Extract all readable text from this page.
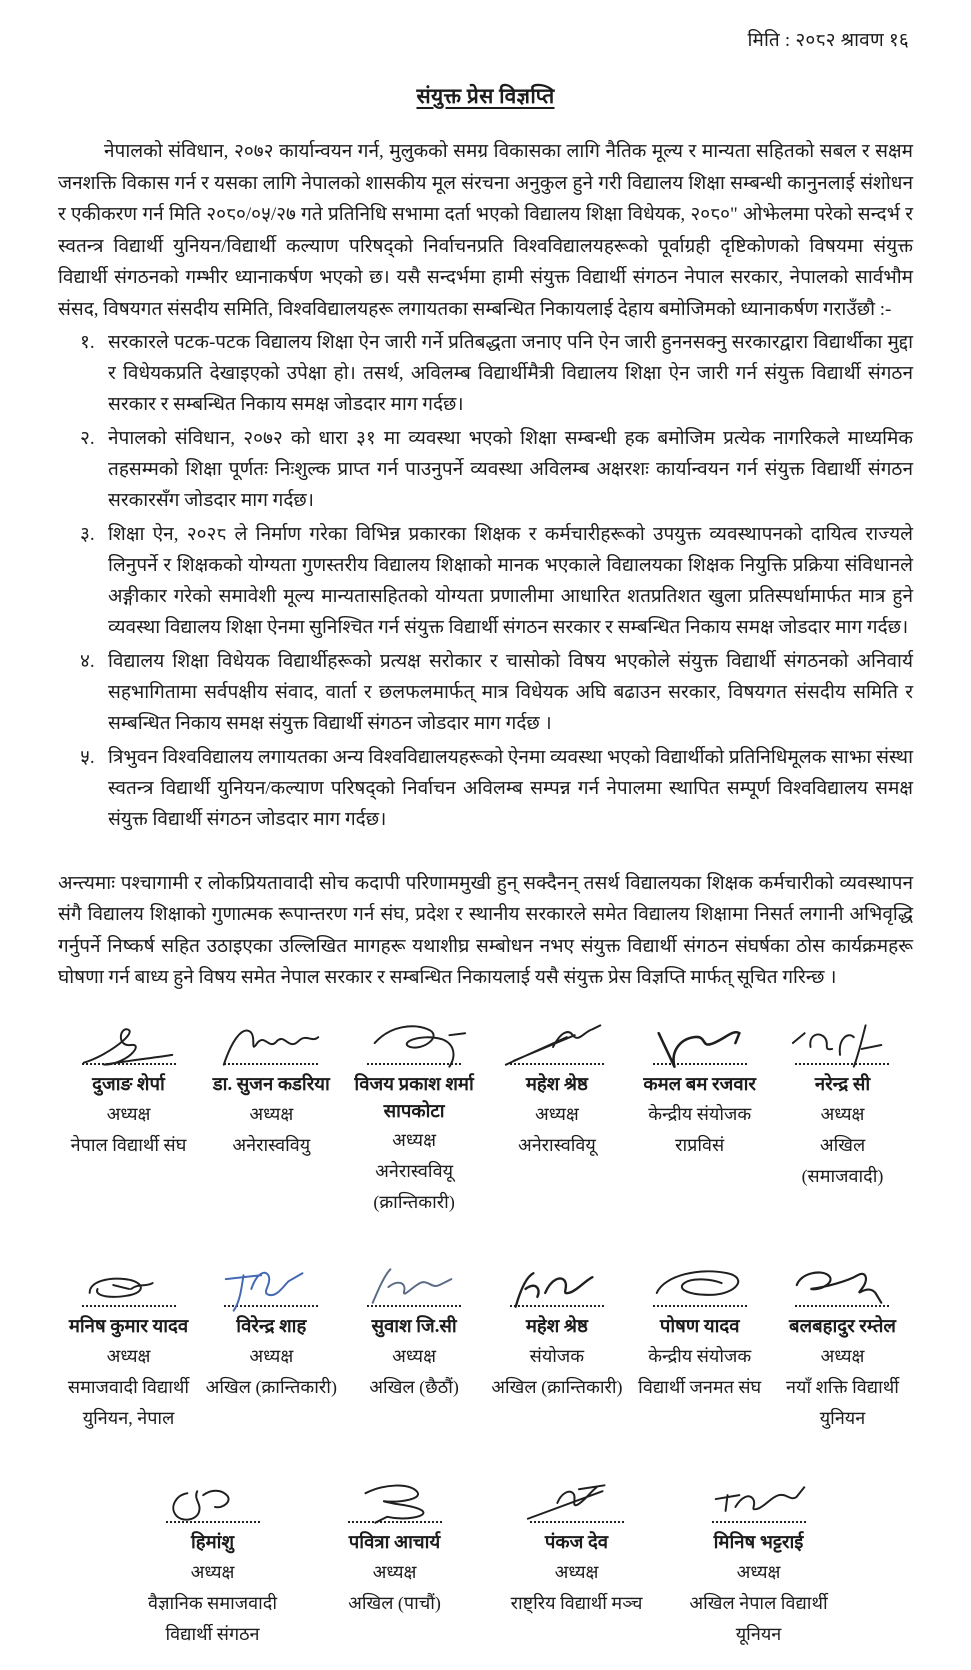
मिति : २०८२ श्रावण १६
संयुक्त प्रेस विज्ञप्ति

नेपालको संविधान, २०७२ कार्यान्वयन गर्न, मुलुकको समग्र विकासका लागि नैतिक मूल्य र मान्यता सहितको सबल र सक्षम जनशक्ति विकास गर्न र यसका लागि नेपालको शासकीय मूल संरचना अनुकुल हुने गरी विद्यालय शिक्षा सम्बन्धी कानुनलाई संशोधन र एकीकरण गर्न मिति २०८०/०५/२७ गते प्रतिनिधि सभामा दर्ता भएको विद्यालय शिक्षा विधेयक, २०८०" ओझेलमा परेको सन्दर्भ र स्वतन्त्र विद्यार्थी युनियन/विद्यार्थी कल्याण परिषद्को निर्वाचनप्रति विश्वविद्यालयहरूको पूर्वाग्रही दृष्टिकोणको विषयमा संयुक्त विद्यार्थी संगठनको गम्भीर ध्यानाकर्षण भएको छ। यसै सन्दर्भमा हामी संयुक्त विद्यार्थी संगठन नेपाल सरकार, नेपालको सार्वभौम संसद, विषयगत संसदीय समिति, विश्वविद्यालयहरू लगायतका सम्बन्धित निकायलाई देहाय बमोजिमको ध्यानाकर्षण गराउँछौ :-

१. सरकारले पटक-पटक विद्यालय शिक्षा ऐन जारी गर्ने प्रतिबद्धता जनाए पनि ऐन जारी हुननसक्नु सरकारद्वारा विद्यार्थीका मुद्दा र विधेयकप्रति देखाइएको उपेक्षा हो। तसर्थ, अविलम्ब विद्यार्थीमैत्री विद्यालय शिक्षा ऐन जारी गर्न संयुक्त विद्यार्थी संगठन सरकार र सम्बन्धित निकाय समक्ष जोडदार माग गर्दछ।
२. नेपालको संविधान, २०७२ को धारा ३१ मा व्यवस्था भएको शिक्षा सम्बन्धी हक बमोजिम प्रत्येक नागरिकले माध्यमिक तहसम्मको शिक्षा पूर्णतः निःशुल्क प्राप्त गर्न पाउनुपर्ने व्यवस्था अविलम्ब अक्षरशः कार्यान्वयन गर्न संयुक्त विद्यार्थी संगठन सरकारसँग जोडदार माग गर्दछ।
३. शिक्षा ऐन, २०२८ ले निर्माण गरेका विभिन्न प्रकारका शिक्षक र कर्मचारीहरूको उपयुक्त व्यवस्थापनको दायित्व राज्यले लिनुपर्ने र शिक्षकको योग्यता गुणस्तरीय विद्यालय शिक्षाको मानक भएकाले विद्यालयका शिक्षक नियुक्ति प्रक्रिया संविधानले अङ्गीकार गरेको समावेशी मूल्य मान्यतासहितको योग्यता प्रणालीमा आधारित शतप्रतिशत खुला प्रतिस्पर्धामार्फत मात्र हुने व्यवस्था विद्यालय शिक्षा ऐनमा सुनिश्चित गर्न संयुक्त विद्यार्थी संगठन सरकार र सम्बन्धित निकाय समक्ष जोडदार माग गर्दछ।
४. विद्यालय शिक्षा विधेयक विद्यार्थीहरूको प्रत्यक्ष सरोकार र चासोको विषय भएकोले संयुक्त विद्यार्थी संगठनको अनिवार्य सहभागितामा सर्वपक्षीय संवाद, वार्ता र छलफलमार्फत् मात्र विधेयक अघि बढाउन सरकार, विषयगत संसदीय समिति र सम्बन्धित निकाय समक्ष संयुक्त विद्यार्थी संगठन जोडदार माग गर्दछ ।
५. त्रिभुवन विश्वविद्यालय लगायतका अन्य विश्वविद्यालयहरूको ऐनमा व्यवस्था भएको विद्यार्थीको प्रतिनिधिमूलक साझा संस्था स्वतन्त्र विद्यार्थी युनियन/कल्याण परिषद्को निर्वाचन अविलम्ब सम्पन्न गर्न नेपालमा स्थापित सम्पूर्ण विश्वविद्यालय समक्ष संयुक्त विद्यार्थी संगठन जोडदार माग गर्दछ।

अन्त्यमाः पश्चागामी र लोकप्रियतावादी सोच कदापी परिणाममुखी हुन् सक्दैनन् तसर्थ विद्यालयका शिक्षक कर्मचारीको व्यवस्थापन संगै विद्यालय शिक्षाको गुणात्मक रूपान्तरण गर्न संघ, प्रदेश र स्थानीय सरकारले समेत विद्यालय शिक्षामा निसर्त लगानी अभिवृद्धि गर्नुपर्ने निष्कर्ष सहित उठाइएका उल्लिखित मागहरू यथाशीघ्र सम्बोधन नभए संयुक्त विद्यार्थी संगठन संघर्षका ठोस कार्यक्रमहरू घोषणा गर्न बाध्य हुने विषय समेत नेपाल सरकार र सम्बन्धित निकायलाई यसै संयुक्त प्रेस विज्ञप्ति मार्फत् सूचित गरिन्छ ।

दुजाङ शेर्पा
अध्यक्ष
नेपाल विद्यार्थी संघ
डा. सुजन कडरिया
अध्यक्ष
अनेरास्ववियु
विजय प्रकाश शर्मा सापकोटा
अध्यक्ष
अनेरास्ववियू
(क्रान्तिकारी)
महेश श्रेष्ठ
अध्यक्ष
अनेरास्ववियू
कमल बम रजवार
केन्द्रीय संयोजक
राप्रविसं
नरेन्द्र सी
अध्यक्ष
अखिल
(समाजवादी)
मनिष कुमार यादव
अध्यक्ष
समाजवादी विद्यार्थी
युनियन, नेपाल
विरेन्द्र शाह
अध्यक्ष
अखिल (क्रान्तिकारी)
सुवाश जि.सी
अध्यक्ष
अखिल (छैठौं)
महेश श्रेष्ठ
संयोजक
अखिल (क्रान्तिकारी)
पोषण यादव
केन्द्रीय संयोजक
विद्यार्थी जनमत संघ
बलबहादुर रम्तेल
अध्यक्ष
नयाँ शक्ति विद्यार्थी
युनियन
हिमांशु
अध्यक्ष
वैज्ञानिक समाजवादी
विद्यार्थी संगठन
पवित्रा आचार्य
अध्यक्ष
अखिल (पाचौं)
पंकज देव
अध्यक्ष
राष्ट्रिय विद्यार्थी मञ्च
मिनिष भट्टराई
अध्यक्ष
अखिल नेपाल विद्यार्थी
यूनियन
